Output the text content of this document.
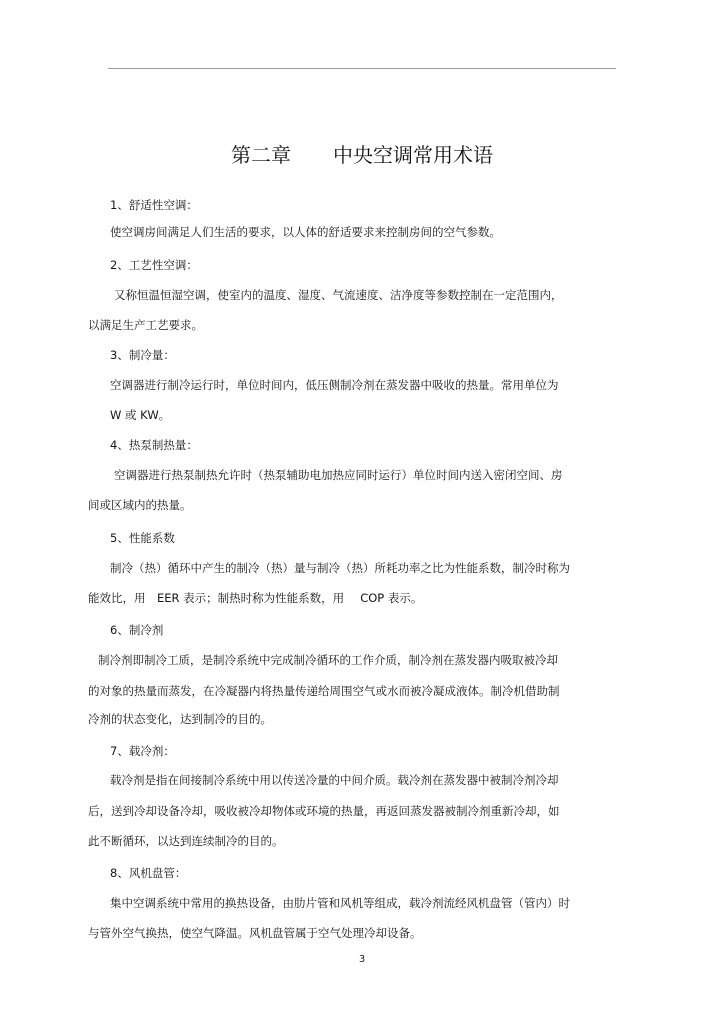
第二章 中央空调常用术语
1、舒适性空调：
使空调房间满足人们生活的要求，以人体的舒适要求来控制房间的空气参数。
2、工艺性空调：
又称恒温恒湿空调，使室内的温度、湿度、气流速度、洁净度等参数控制在一定范围内，
以满足生产工艺要求。
3、制冷量：
空调器进行制冷运行时，单位时间内，低压侧制冷剂在蒸发器中吸收的热量。常用单位为
W 或 KW。
4、热泵制热量：
空调器进行热泵制热允许时（热泵辅助电加热应同时运行）单位时间内送入密闭空间、房
间或区域内的热量。
5、性能系数
制冷（热）循环中产生的制冷（热）量与制冷（热）所耗功率之比为性能系数，制冷时称为
能效比，用　EER 表示；制热时称为性能系数，用 COP 表示。
6、制冷剂
制冷剂即制冷工质，是制冷系统中完成制冷循环的工作介质，制冷剂在蒸发器内吸取被冷却
的对象的热量而蒸发，在冷凝器内将热量传递给周围空气或水而被冷凝成液体。制冷机借助制
冷剂的状态变化，达到制冷的目的。
7、载冷剂：
载冷剂是指在间接制冷系统中用以传送冷量的中间介质。载冷剂在蒸发器中被制冷剂冷却
后，送到冷却设备冷却，吸收被冷却物体或环境的热量，再返回蒸发器被制冷剂重新冷却，如
此不断循环，以达到连续制冷的目的。
8、风机盘管：
集中空调系统中常用的换热设备，由肋片管和风机等组成，载冷剂流经风机盘管（管内）时
与管外空气换热，使空气降温。风机盘管属于空气处理冷却设备。
3
